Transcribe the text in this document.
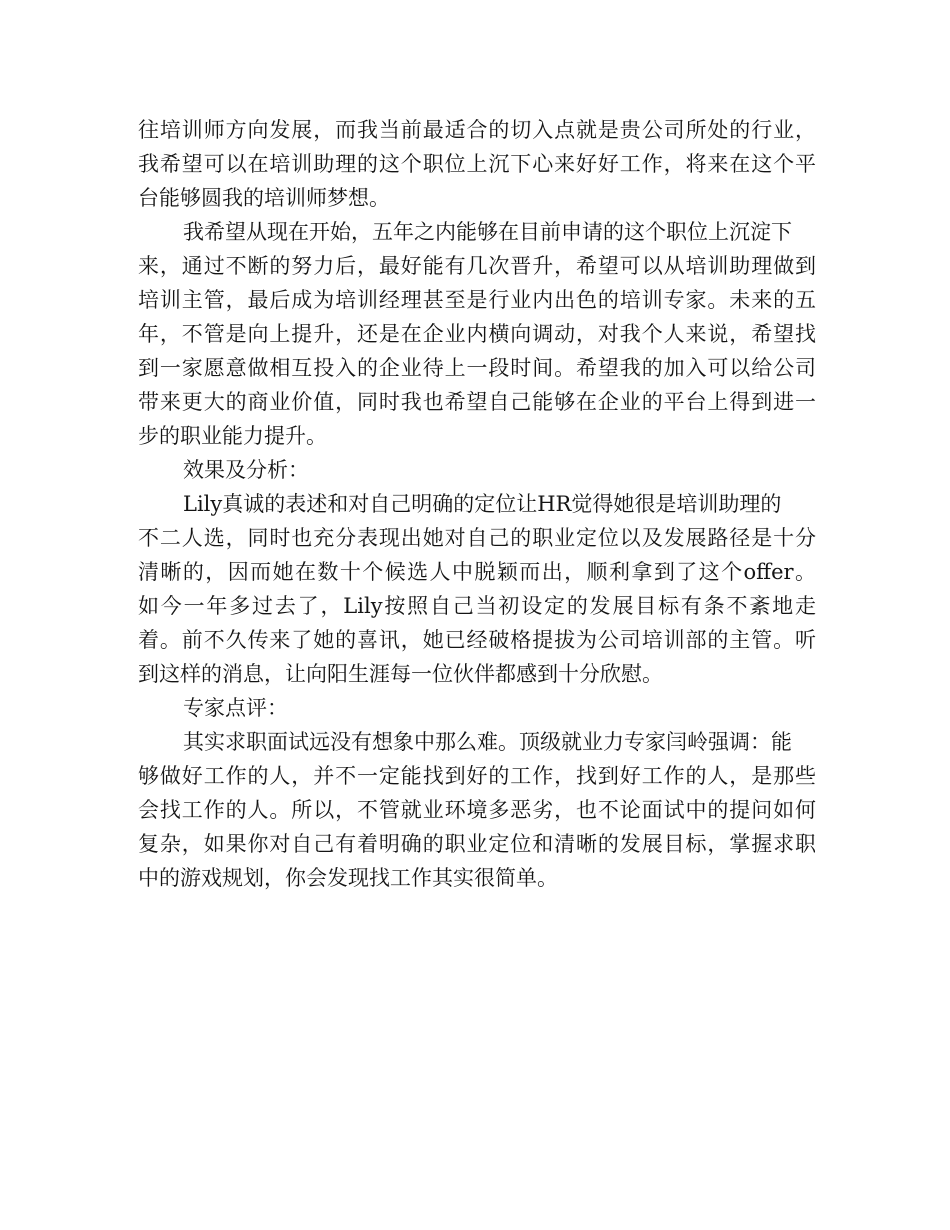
往培训师方向发展，而我当前最适合的切入点就是贵公司所处的行业，
我希望可以在培训助理的这个职位上沉下心来好好工作，将来在这个平
台能够圆我的培训师梦想。
我希望从现在开始，五年之内能够在目前申请的这个职位上沉淀下
来，通过不断的努力后，最好能有几次晋升，希望可以从培训助理做到
培训主管，最后成为培训经理甚至是行业内出色的培训专家。未来的五
年，不管是向上提升，还是在企业内横向调动，对我个人来说，希望找
到一家愿意做相互投入的企业待上一段时间。希望我的加入可以给公司
带来更大的商业价值，同时我也希望自己能够在企业的平台上得到进一
步的职业能力提升。
效果及分析：
Lily真诚的表述和对自己明确的定位让HR觉得她很是培训助理的
不二人选，同时也充分表现出她对自己的职业定位以及发展路径是十分
清晰的，因而她在数十个候选人中脱颖而出，顺利拿到了这个offer。
如今一年多过去了，Lily按照自己当初设定的发展目标有条不紊地走
着。前不久传来了她的喜讯，她已经破格提拔为公司培训部的主管。听
到这样的消息，让向阳生涯每一位伙伴都感到十分欣慰。
专家点评：
其实求职面试远没有想象中那么难。顶级就业力专家闫岭强调：能
够做好工作的人，并不一定能找到好的工作，找到好工作的人，是那些
会找工作的人。所以，不管就业环境多恶劣，也不论面试中的提问如何
复杂，如果你对自己有着明确的职业定位和清晰的发展目标，掌握求职
中的游戏规划，你会发现找工作其实很简单。
